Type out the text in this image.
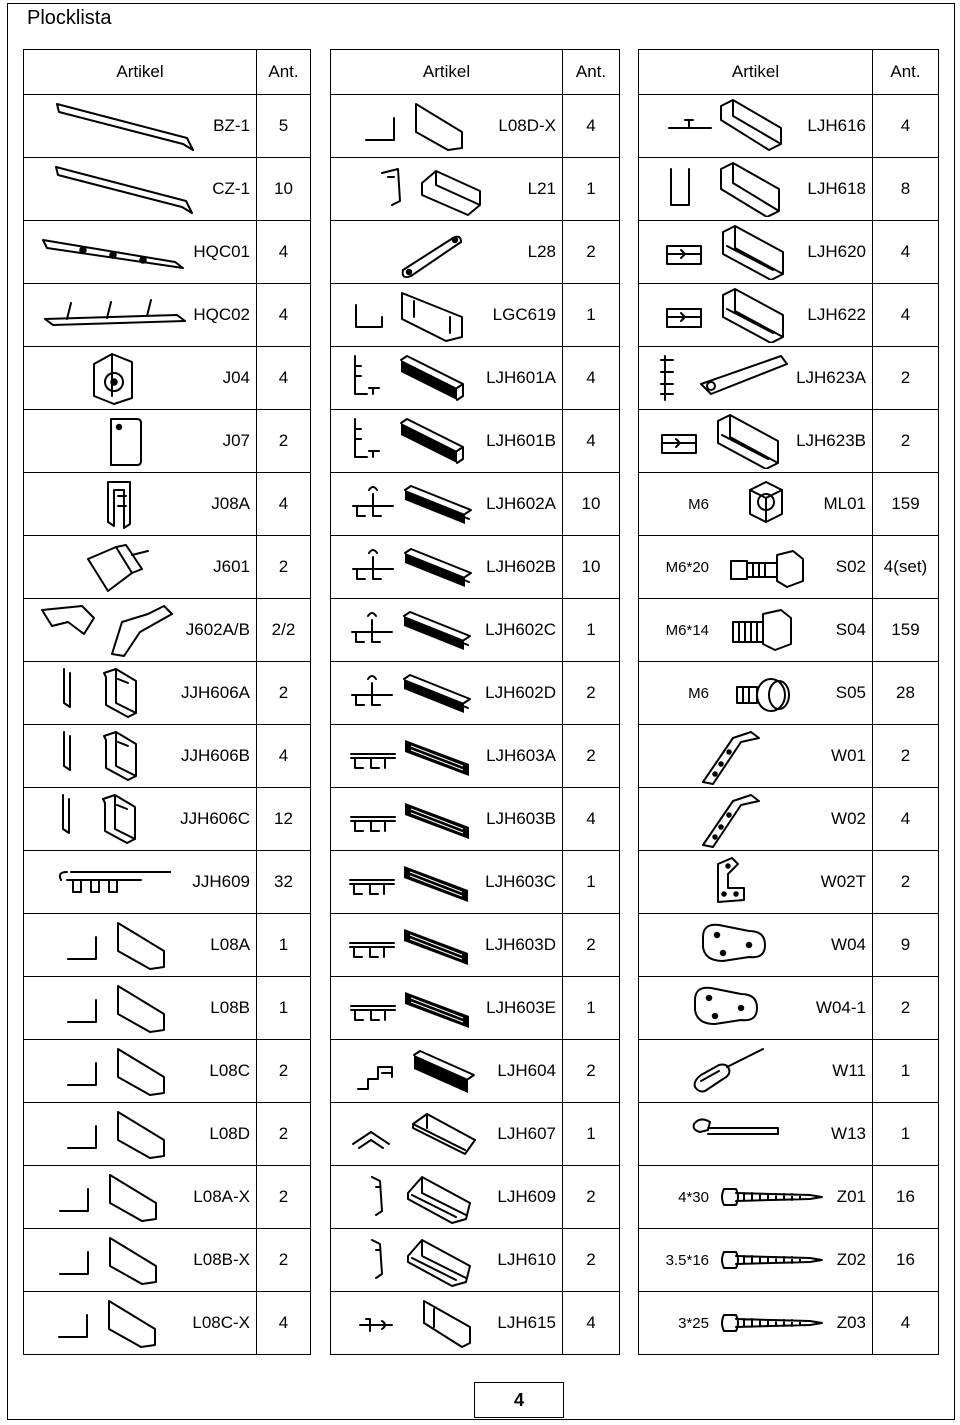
Plocklista
Artikel	Ant.

BZ-1	5

CZ-1	10

HQC01	4

HQC02	4

J04	4

J07	2

J08A	4

J601	2

J602A/B	2/2

JJH606A	2

JJH606B	4

JJH606C	12

JJH609	32

L08A	1

L08B	1

L08C	2

L08D	2

L08A-X	2

L08B-X	2

L08C-X	4
Artikel	Ant.

L08D-X	4

L21	1

L28	2

LGC619	1

LJH601A	4

LJH601B	4

LJH602A	10

LJH602B	10

LJH602C	1

LJH602D	2

LJH603A	2

LJH603B	4

LJH603C	1

LJH603D	2

LJH603E	1

LJH604	2

LJH607	1

LJH609	2

LJH610	2

LJH615	4
Artikel	Ant.

LJH616	4

LJH618	8

LJH620	4

LJH622	4

LJH623A	2

LJH623B	2

M6 ML01	159

M6*20 S02	4(set)

M6*14 S04	159

M6 S05	28

W01	2

W02	4

W02T	2

W04	9

W04-1	2

W11	1

W13	1

4*30 Z01	16

3.5*16 Z02	16

3*25 Z03	4
4
